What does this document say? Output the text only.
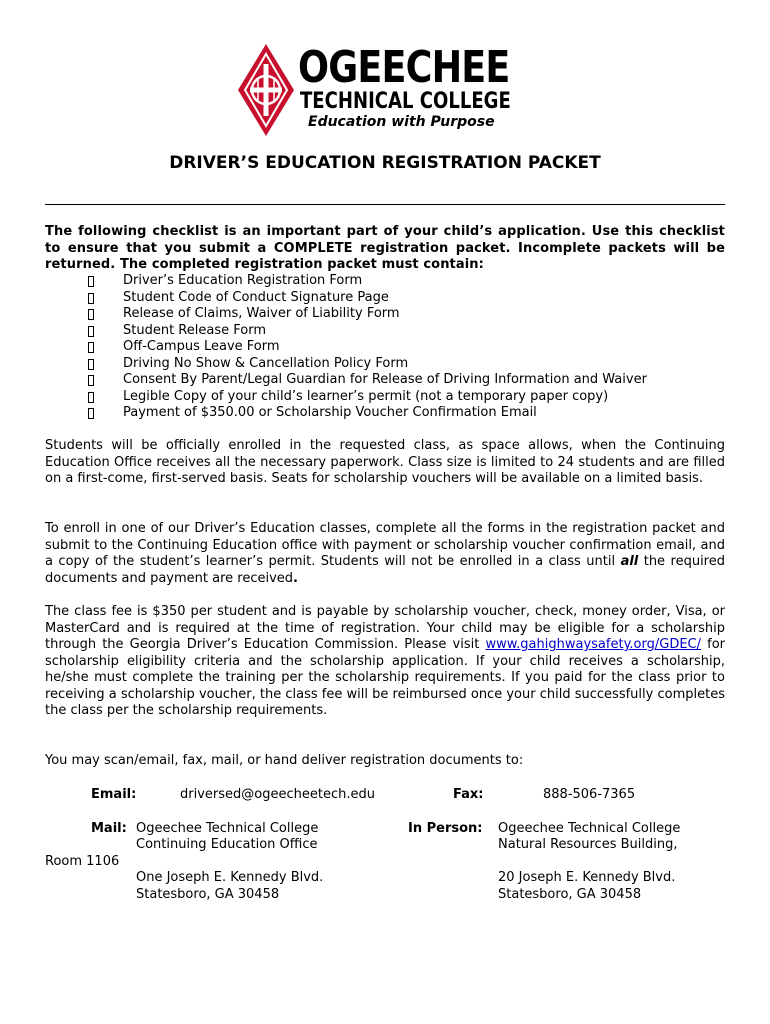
OGEECHEE
TECHNICAL COLLEGE
Education with Purpose
DRIVER’S EDUCATION REGISTRATION PACKET
The following checklist is an important part of your child’s application. Use this checklist to ensure that you submit a COMPLETE registration packet. Incomplete packets will be returned. The completed registration packet must contain:
Driver’s Education Registration Form
Student Code of Conduct Signature Page
Release of Claims, Waiver of Liability Form
Student Release Form
Off-Campus Leave Form
Driving No Show & Cancellation Policy Form
Consent By Parent/Legal Guardian for Release of Driving Information and Waiver
Legible Copy of your child’s learner’s permit (not a temporary paper copy)
Payment of $350.00 or Scholarship Voucher Confirmation Email
Students will be officially enrolled in the requested class, as space allows, when the Continuing Education Office receives all the necessary paperwork. Class size is limited to 24 students and are filled on a first-come, first-served basis. Seats for scholarship vouchers will be available on a limited basis.
To enroll in one of our Driver’s Education classes, complete all the forms in the registration packet and submit to the Continuing Education office with payment or scholarship voucher confirmation email, and a copy of the student’s learner’s permit. Students will not be enrolled in a class until all the required documents and payment are received.
The class fee is $350 per student and is payable by scholarship voucher, check, money order, Visa, or MasterCard and is required at the time of registration. Your child may be eligible for a scholarship through the Georgia Driver’s Education Commission. Please visit www.gahighwaysafety.org/GDEC/ for scholarship eligibility criteria and the scholarship application. If your child receives a scholarship, he/she must complete the training per the scholarship requirements. If you paid for the class prior to receiving a scholarship voucher, the class fee will be reimbursed once your child successfully completes the class per the scholarship requirements.
You may scan/email, fax, mail, or hand deliver registration documents to:
Email:	driversed@ogeecheetech.edu	Fax:	888-506-7365
Mail: Ogeechee Technical College
Continuing Education Office
Room 1106
One Joseph E. Kennedy Blvd.
Statesboro, GA 30458
In Person: Ogeechee Technical College
Natural Resources Building,
20 Joseph E. Kennedy Blvd.
Statesboro, GA 30458
